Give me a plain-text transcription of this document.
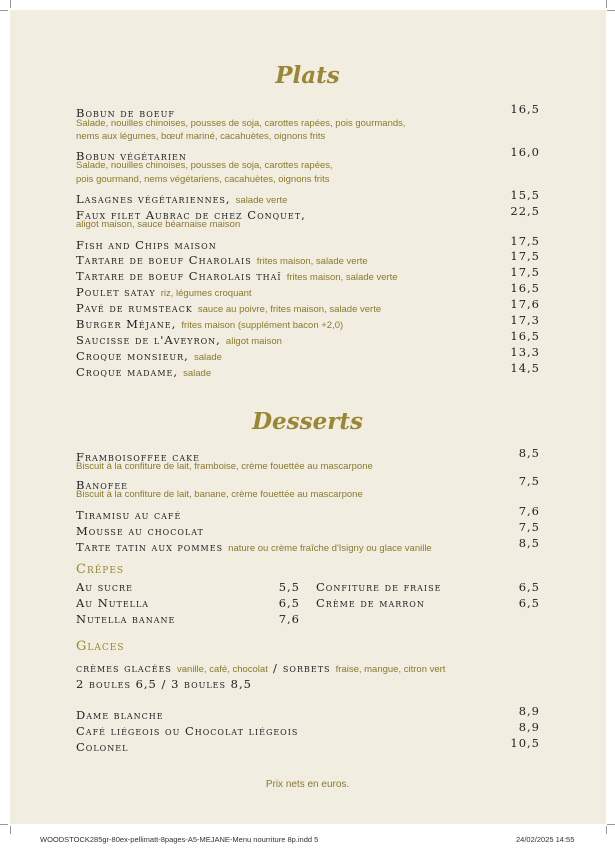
Plats
Bobun de boeuf	16,5
Salade, nouilles chinoises, pousses de soja, carottes rapées, pois gourmands,
nems aux légumes, bœuf mariné, cacahuètes, oignons frits
Bobun végétarien	16,0
Salade, nouilles chinoises, pousses de soja, carottes rapées,
pois gourmand, nems végétariens, cacahuètes, oignons frits
Lasagnes végétariennes, salade verte	15,5
Faux filet Aubrac de chez Conquet,	22,5
aligot maison, sauce béarnaise maison
Fish and Chips maison	17,5
Tartare de boeuf Charolais frites maison, salade verte	17,5
Tartare de boeuf Charolais thaï frites maison, salade verte	17,5
Poulet satay riz, légumes croquant	16,5
Pavé de rumsteack sauce au poivre, frites maison, salade verte	17,6
Burger Méjane, frites maison (supplément bacon +2,0)	17,3
Saucisse de l'Aveyron, aligot maison	16,5
Croque monsieur, salade	13,3
Croque madame, salade	14,5
Desserts
Framboisoffee cake	8,5
Biscuit à la confiture de lait, framboise, crème fouettée au mascarpone
Banofee	7,5
Biscuit à la confiture de lait, banane, crème fouettée au mascarpone
Tiramisu au café	7,6
Mousse au chocolat	7,5
Tarte tatin aux pommes nature ou crème fraîche d'Isigny ou glace vanille	8,5
Crêpes
Au sucre	5,5
Au Nutella	6,5
Nutella banane	7,6
Confiture de fraise	6,5
Crème de marron	6,5
Glaces
crèmes glacées vanille, café, chocolat / sorbets fraise, mangue, citron vert
2 boules 6,5 / 3 boules 8,5
Dame blanche	8,9
Café liégeois ou Chocolat liégeois	8,9
Colonel	10,5
Prix nets en euros.
WOODSTOCK285gr-80ex-pellimatt-8pages-A5-MEJANE-Menu nourriture 8p.indd 5	24/02/2025 14:55
